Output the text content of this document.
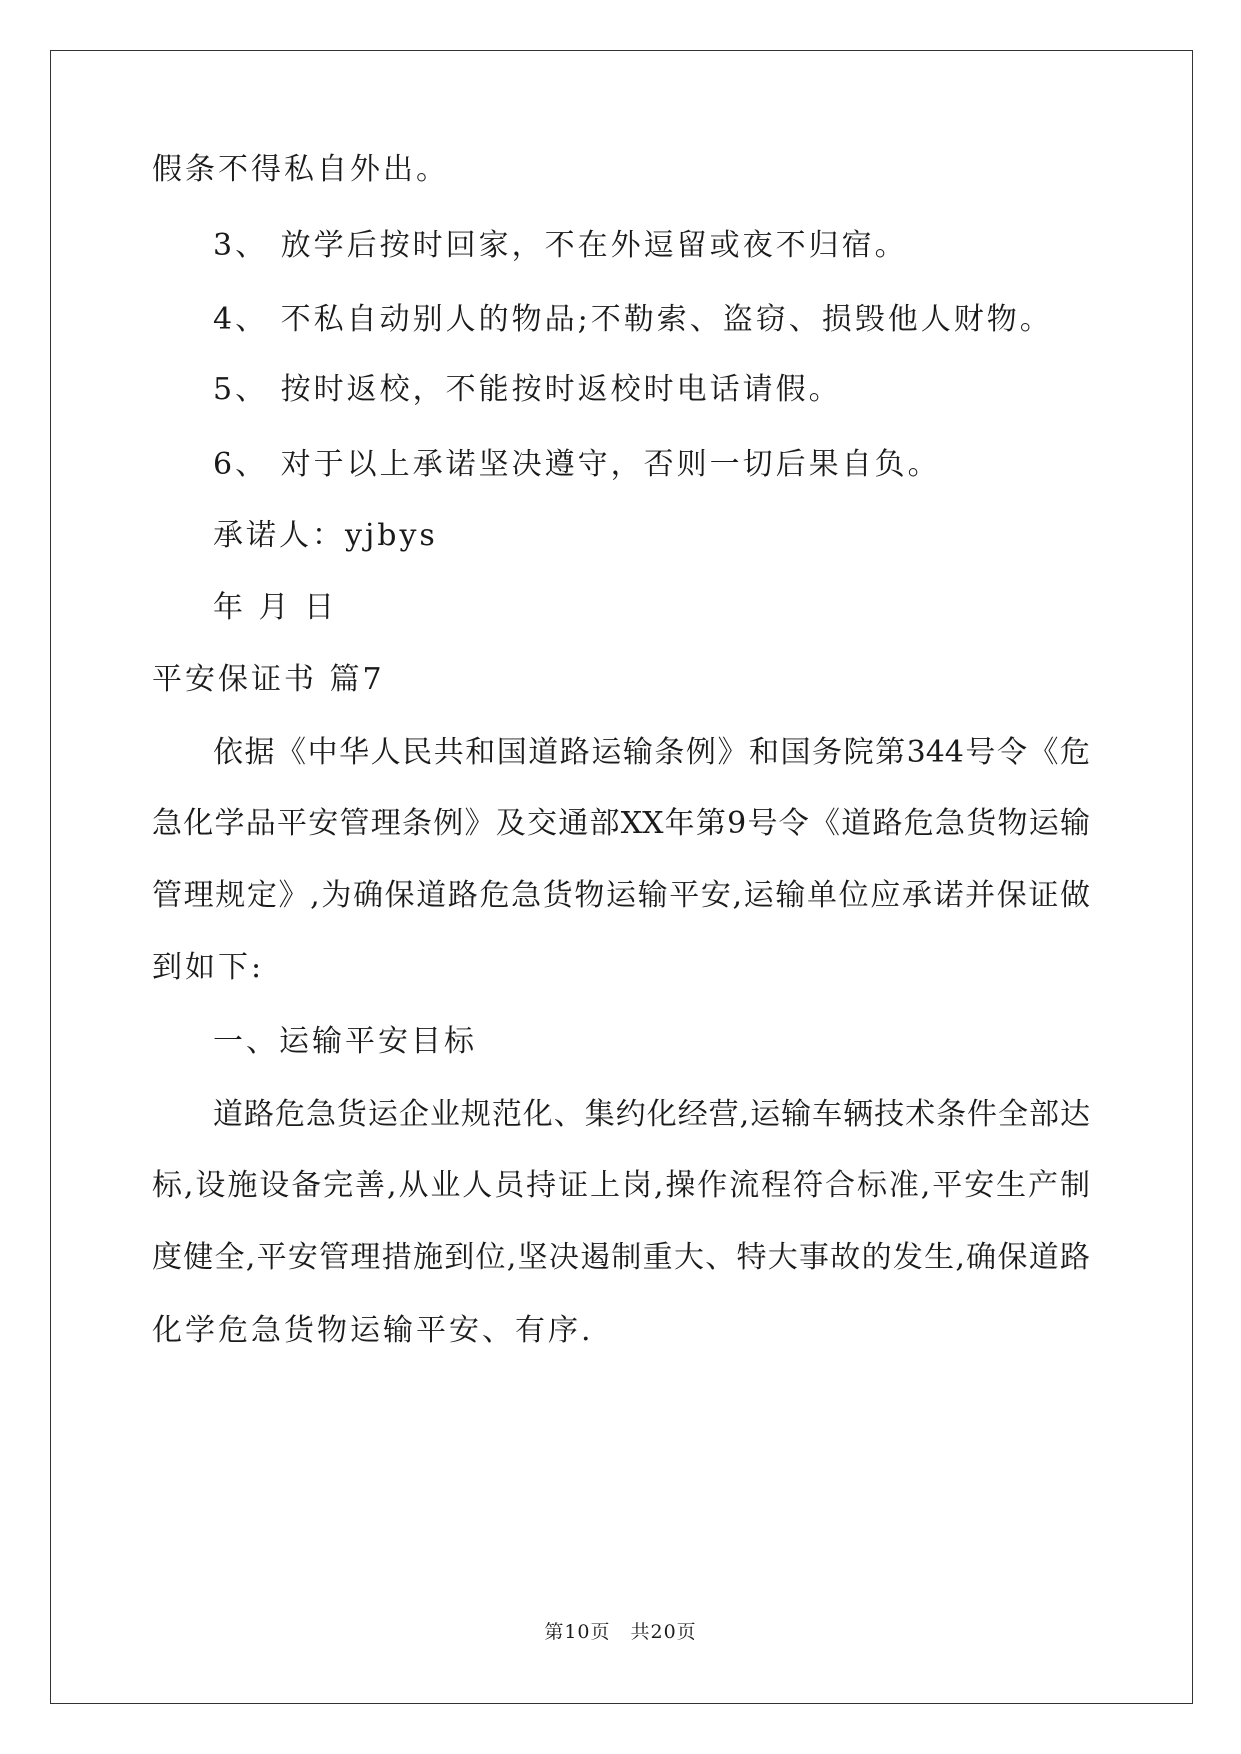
假条不得私自外出。
3、 放学后按时回家，不在外逗留或夜不归宿。
4、 不私自动别人的物品;不勒索、盗窃、损毁他人财物。
5、 按时返校，不能按时返校时电话请假。
6、 对于以上承诺坚决遵守，否则一切后果自负。
承诺人：yjbys
年 月 日
平安保证书 篇7
依据《中华人民共和国道路运输条例》和国务院第344号令《危
急化学品平安管理条例》及交通部XX年第9号令《道路危急货物运输
管理规定》,为确保道路危急货物运输平安,运输单位应承诺并保证做
到如下:
一、运输平安目标
道路危急货运企业规范化、集约化经营,运输车辆技术条件全部达
标,设施设备完善,从业人员持证上岗,操作流程符合标准,平安生产制
度健全,平安管理措施到位,坚决遏制重大、特大事故的发生,确保道路
化学危急货物运输平安、有序.
第10页　共20页
